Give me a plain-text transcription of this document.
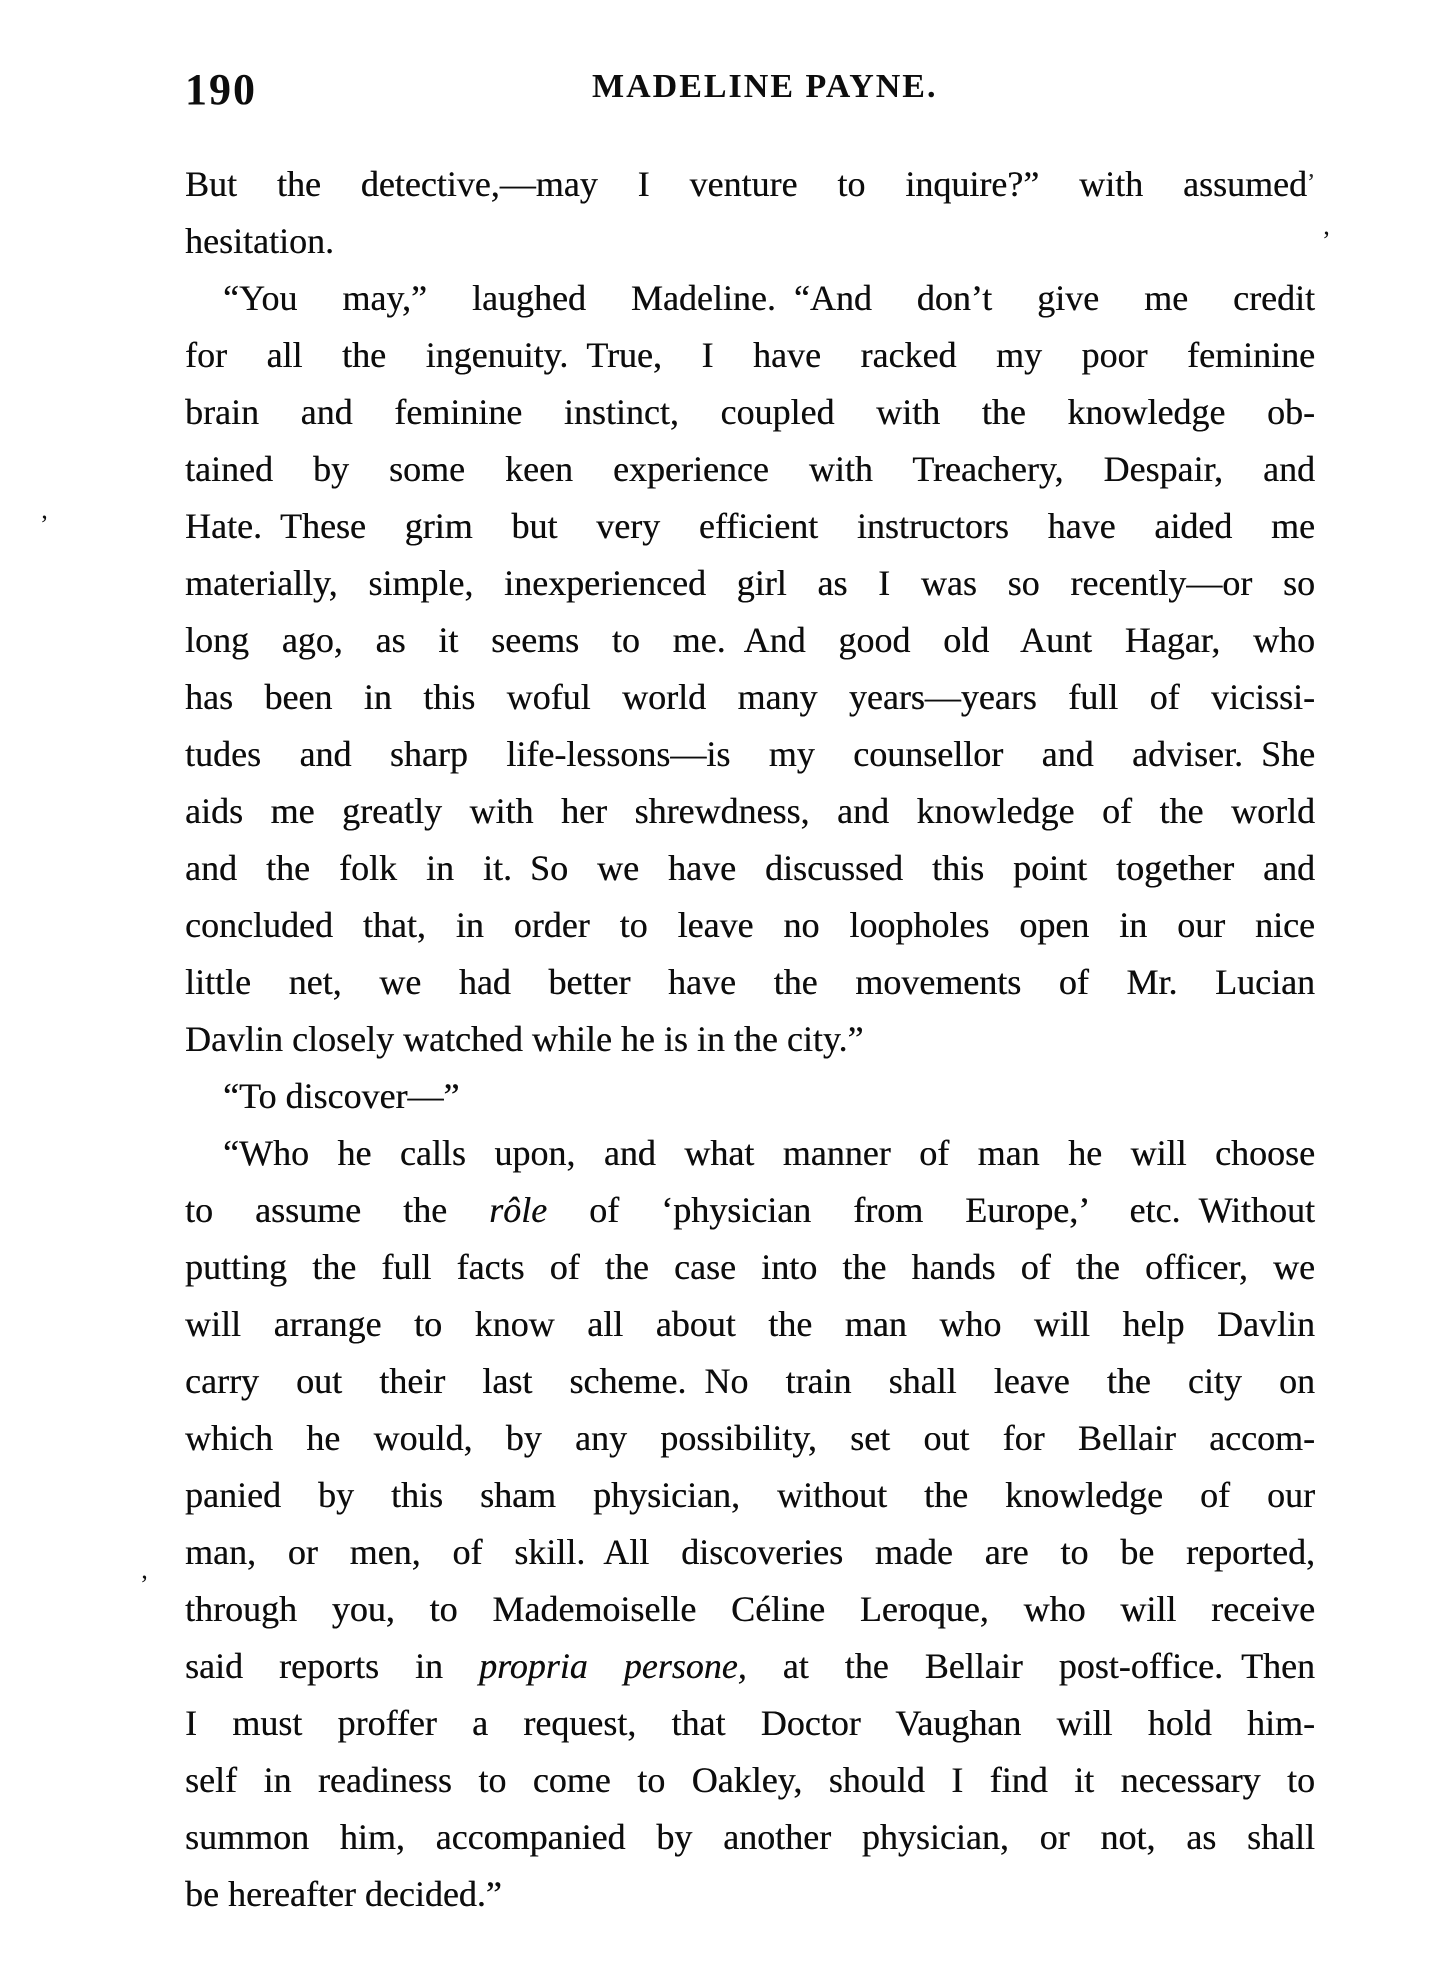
190	MADELINE PAYNE.
But the detective,—may I venture to inquire?” with assumed’
hesitation.
“You may,” laughed Madeline. “And don’t give me credit
for all the ingenuity. True, I have racked my poor feminine
brain and feminine instinct, coupled with the knowledge ob-
tained by some keen experience with Treachery, Despair, and
Hate. These grim but very efficient instructors have aided me
materially, simple, inexperienced girl as I was so recently—or so
long ago, as it seems to me. And good old Aunt Hagar, who
has been in this woful world many years—years full of vicissi-
tudes and sharp life-lessons—is my counsellor and adviser. She
aids me greatly with her shrewdness, and knowledge of the world
and the folk in it. So we have discussed this point together and
concluded that, in order to leave no loopholes open in our nice
little net, we had better have the movements of Mr. Lucian
Davlin closely watched while he is in the city.”
“To discover—”
“Who he calls upon, and what manner of man he will choose
to assume the rôle of ‘physician from Europe,’ etc. Without
putting the full facts of the case into the hands of the officer, we
will arrange to know all about the man who will help Davlin
carry out their last scheme. No train shall leave the city on
which he would, by any possibility, set out for Bellair accom-
panied by this sham physician, without the knowledge of our
man, or men, of skill. All discoveries made are to be reported,
through you, to Mademoiselle Céline Leroque, who will receive
said reports in propria persone, at the Bellair post-office. Then
I must proffer a request, that Doctor Vaughan will hold him-
self in readiness to come to Oakley, should I find it necessary to
summon him, accompanied by another physician, or not, as shall
be hereafter decided.”
’
’
’
